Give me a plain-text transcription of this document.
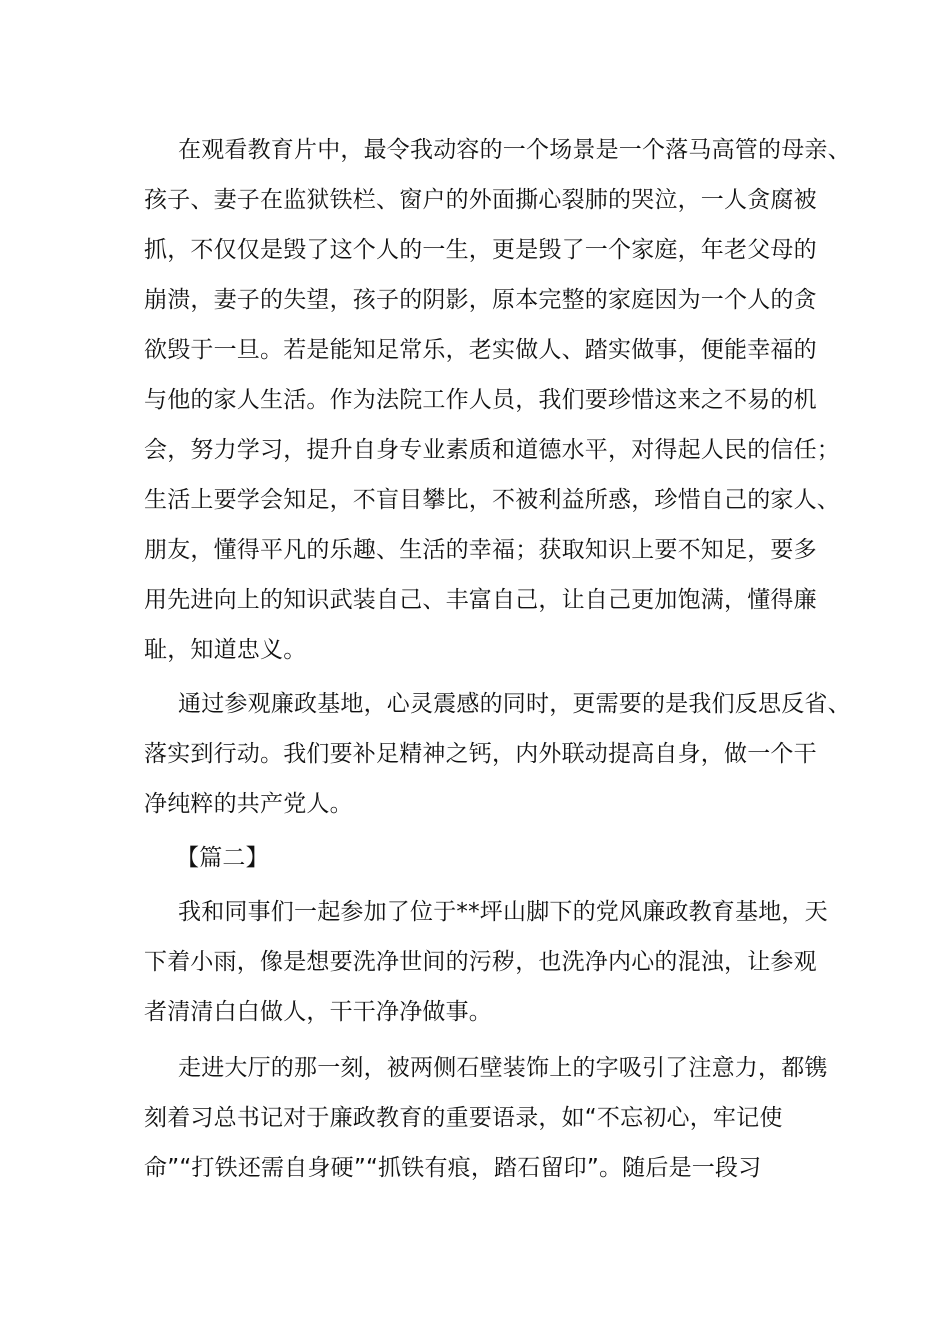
在观看教育片中，最令我动容的一个场景是一个落马高管的母亲、
孩子、妻子在监狱铁栏、窗户的外面撕心裂肺的哭泣，一人贪腐被
抓，不仅仅是毁了这个人的一生，更是毁了一个家庭，年老父母的
崩溃，妻子的失望，孩子的阴影，原本完整的家庭因为一个人的贪
欲毁于一旦。若是能知足常乐，老实做人、踏实做事，便能幸福的
与他的家人生活。作为法院工作人员，我们要珍惜这来之不易的机
会，努力学习，提升自身专业素质和道德水平，对得起人民的信任；
生活上要学会知足，不盲目攀比，不被利益所惑，珍惜自己的家人、
朋友，懂得平凡的乐趣、生活的幸福；获取知识上要不知足，要多
用先进向上的知识武装自己、丰富自己，让自己更加饱满，懂得廉
耻，知道忠义。
通过参观廉政基地，心灵震感的同时，更需要的是我们反思反省、
落实到行动。我们要补足精神之钙，内外联动提高自身，做一个干
净纯粹的共产党人。
【篇二】
我和同事们一起参加了位于**坪山脚下的党风廉政教育基地，天
下着小雨，像是想要洗净世间的污秽，也洗净内心的混浊，让参观
者清清白白做人，干干净净做事。
走进大厅的那一刻，被两侧石壁装饰上的字吸引了注意力，都镌
刻着习总书记对于廉政教育的重要语录，如“不忘初心，牢记使
命”“打铁还需自身硬”“抓铁有痕，踏石留印”。随后是一段习
